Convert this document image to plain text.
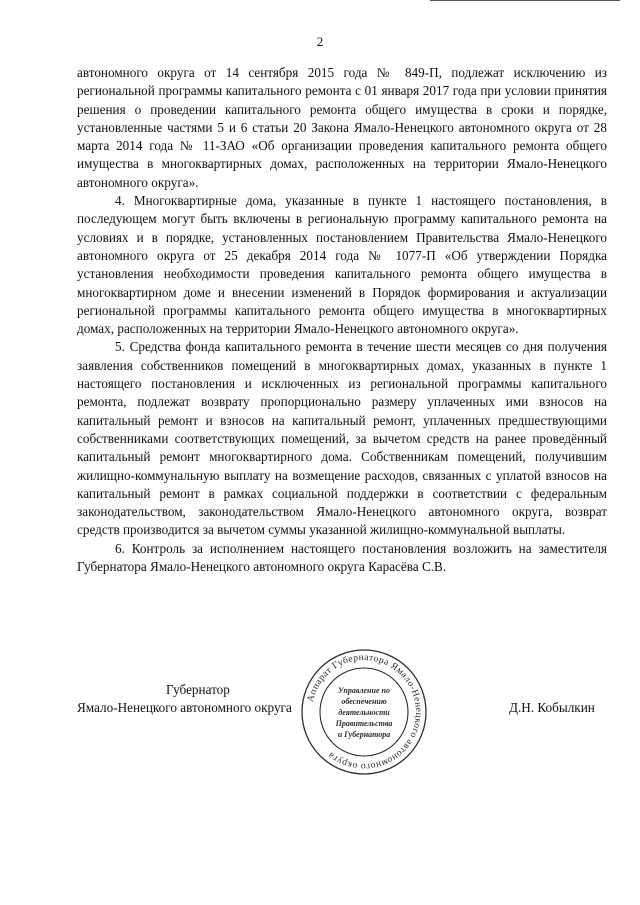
2

автономного округа от 14 сентября 2015 года № 849-П, подлежат исключению из региональной программы капитального ремонта с 01 января 2017 года при условии принятия решения о проведении капитального ремонта общего имущества в сроки и порядке, установленные частями 5 и 6 статьи 20 Закона Ямало-Ненецкого автономного округа от 28 марта 2014 года № 11-ЗАО «Об организации проведения капитального ремонта общего имущества в многоквартирных домах, расположенных на территории Ямало-Ненецкого автономного округа».

4. Многоквартирные дома, указанные в пункте 1 настоящего постановления, в последующем могут быть включены в региональную программу капитального ремонта на условиях и в порядке, установленных постановлением Правительства Ямало-Ненецкого автономного округа от 25 декабря 2014 года № 1077-П «Об утверждении Порядка установления необходимости проведения капитального ремонта общего имущества в многоквартирном доме и внесении изменений в Порядок формирования и актуализации региональной программы капитального ремонта общего имущества в многоквартирных домах, расположенных на территории Ямало-Ненецкого автономного округа».

5. Средства фонда капитального ремонта в течение шести месяцев со дня получения заявления собственников помещений в многоквартирных домах, указанных в пункте 1 настоящего постановления и исключенных из региональной программы капитального ремонта, подлежат возврату пропорционально размеру уплаченных ими взносов на капитальный ремонт и взносов на капитальный ремонт, уплаченных предшествующими собственниками соответствующих помещений, за вычетом средств на ранее проведённый капитальный ремонт многоквартирного дома. Собственникам помещений, получившим жилищно-коммунальную выплату на возмещение расходов, связанных с уплатой взносов на капитальный ремонт в рамках социальной поддержки в соответствии с федеральным законодательством, законодательством Ямало-Ненецкого автономного округа, возврат средств производится за вычетом суммы указанной жилищно-коммунальной выплаты.

6. Контроль за исполнением настоящего постановления возложить на заместителя Губернатора Ямало-Ненецкого автономного округа Карасёва С.В.

Губернатор
Ямало-Ненецкого автономного округа	Д.Н. Кобылкин
Аппарат Губернатора Ямало-Ненецкого автономного округа
Управление по
обеспечению
деятельности
Правительства
и Губернатора
